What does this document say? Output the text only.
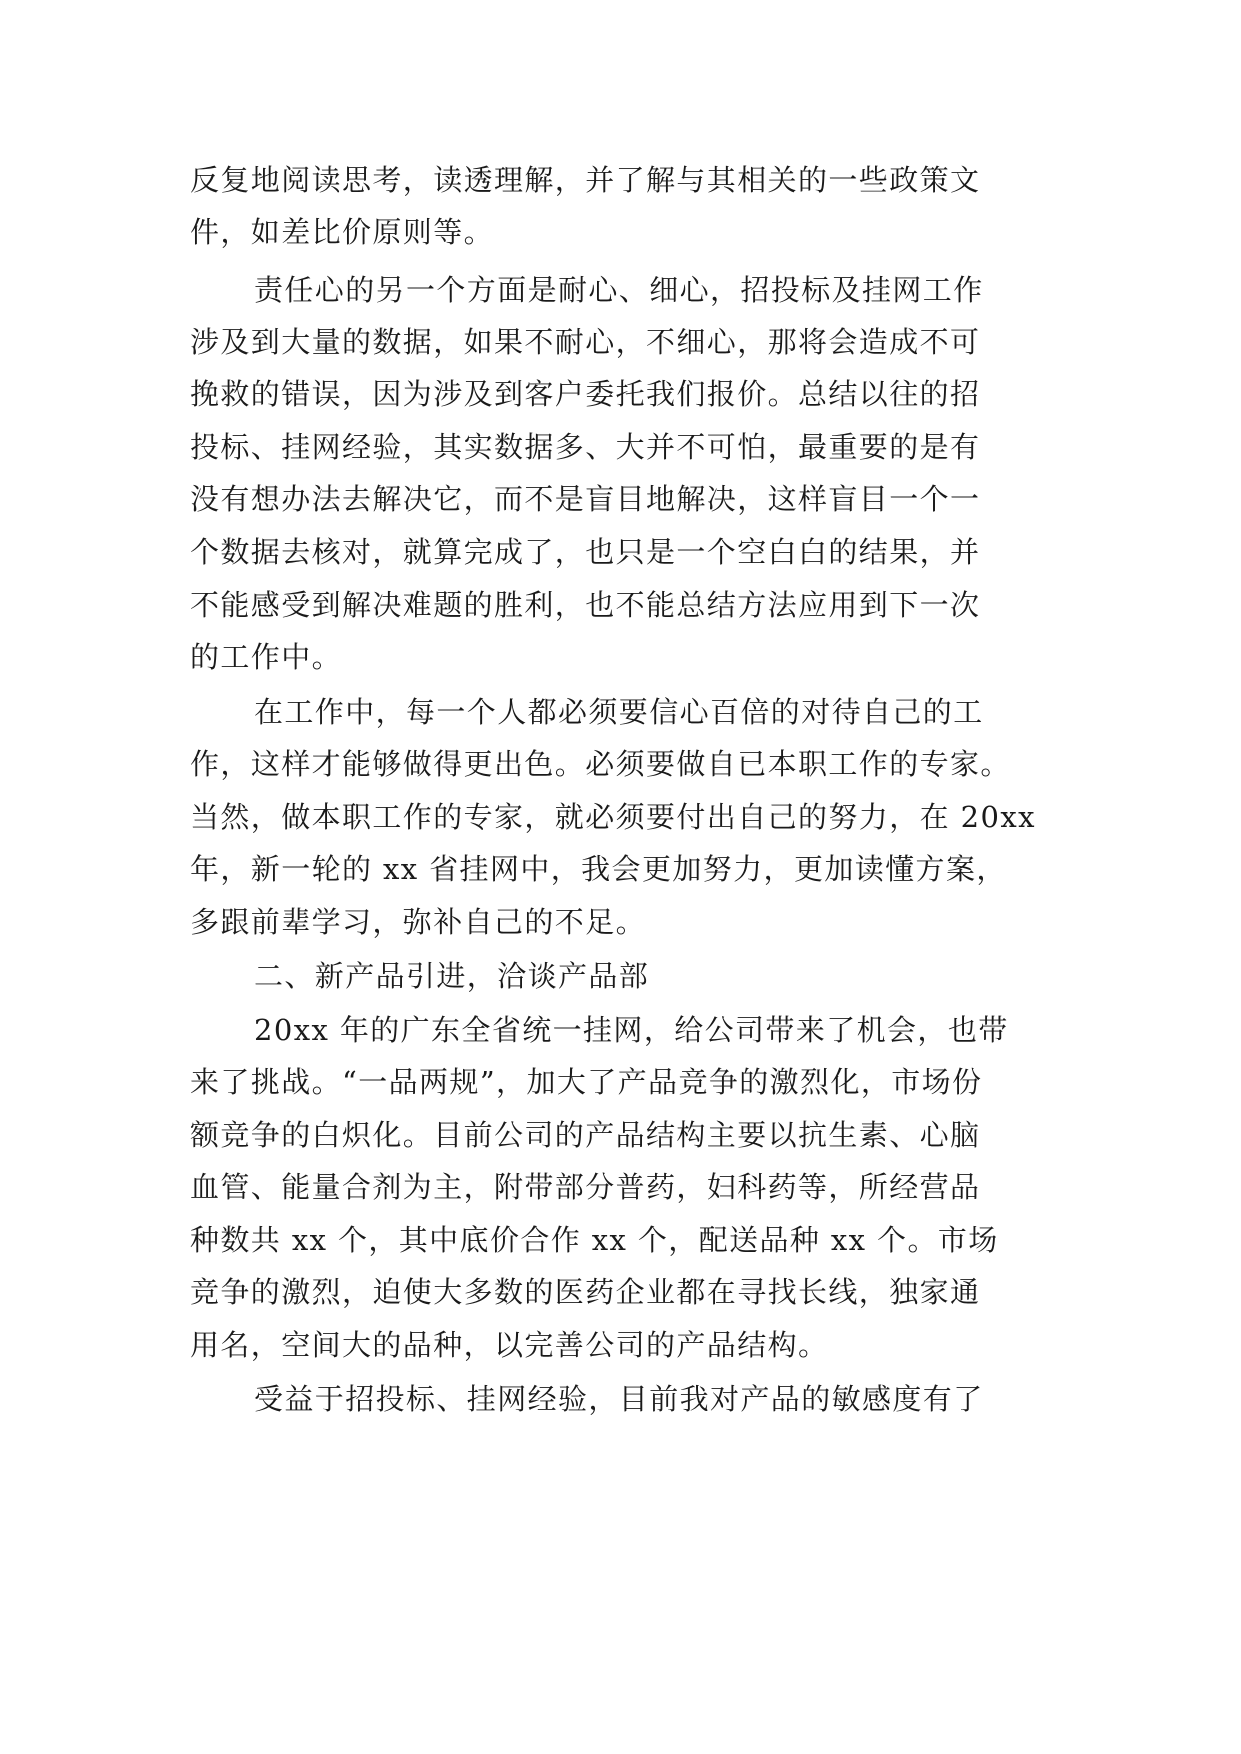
反复地阅读思考，读透理解，并了解与其相关的一些政策文
件，如差比价原则等。
责任心的另一个方面是耐心、细心，招投标及挂网工作
涉及到大量的数据，如果不耐心，不细心，那将会造成不可
挽救的错误，因为涉及到客户委托我们报价。总结以往的招
投标、挂网经验，其实数据多、大并不可怕，最重要的是有
没有想办法去解决它，而不是盲目地解决，这样盲目一个一
个数据去核对，就算完成了，也只是一个空白白的结果，并
不能感受到解决难题的胜利，也不能总结方法应用到下一次
的工作中。
在工作中，每一个人都必须要信心百倍的对待自己的工
作，这样才能够做得更出色。必须要做自已本职工作的专家。
当然，做本职工作的专家，就必须要付出自己的努力，在 20xx
年，新一轮的 xx 省挂网中，我会更加努力，更加读懂方案，
多跟前辈学习，弥补自己的不足。
二、新产品引进，洽谈产品部
20xx 年的广东全省统一挂网，给公司带来了机会，也带
来了挑战。“一品两规”，加大了产品竞争的激烈化，市场份
额竞争的白炽化。目前公司的产品结构主要以抗生素、心脑
血管、能量合剂为主，附带部分普药，妇科药等，所经营品
种数共 xx 个，其中底价合作 xx 个，配送品种 xx 个。市场
竞争的激烈，迫使大多数的医药企业都在寻找长线，独家通
用名，空间大的品种，以完善公司的产品结构。
受益于招投标、挂网经验，目前我对产品的敏感度有了
